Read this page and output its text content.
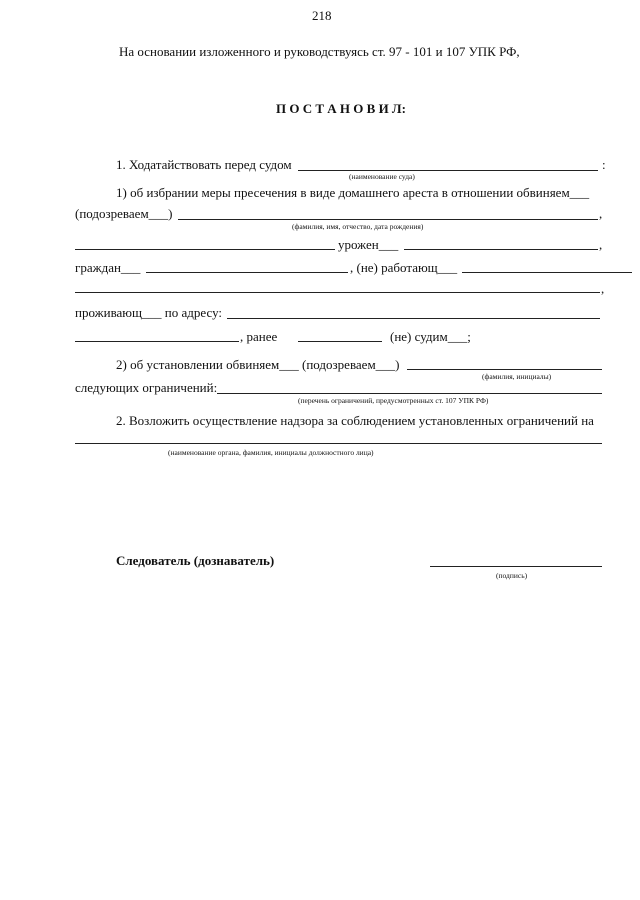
218
На основании изложенного и руководствуясь ст. 97 - 101 и 107 УПК РФ,
П О С Т А Н О В И Л:
1. Ходатайствовать перед судом	:
(наименование суда)
1) об избрании меры пресечения в виде домашнего ареста в отношении обвиняем___
(подозреваем___)	,
(фамилия, имя, отчество, дата рождения)
урожен___	,
граждан___	, (не) работающ___
,
проживающ___ по адресу:
, ранее	(не) судим___;
2) об установлении обвиняем___ (подозреваем___)
(фамилия, инициалы)
следующих ограничений:
(перечень ограничений, предусмотренных ст. 107 УПК РФ)
2. Возложить осуществление надзора за соблюдением установленных ограничений на
(наименование органа, фамилия, инициалы должностного лица)
Следователь (дознаватель)
(подпись)
